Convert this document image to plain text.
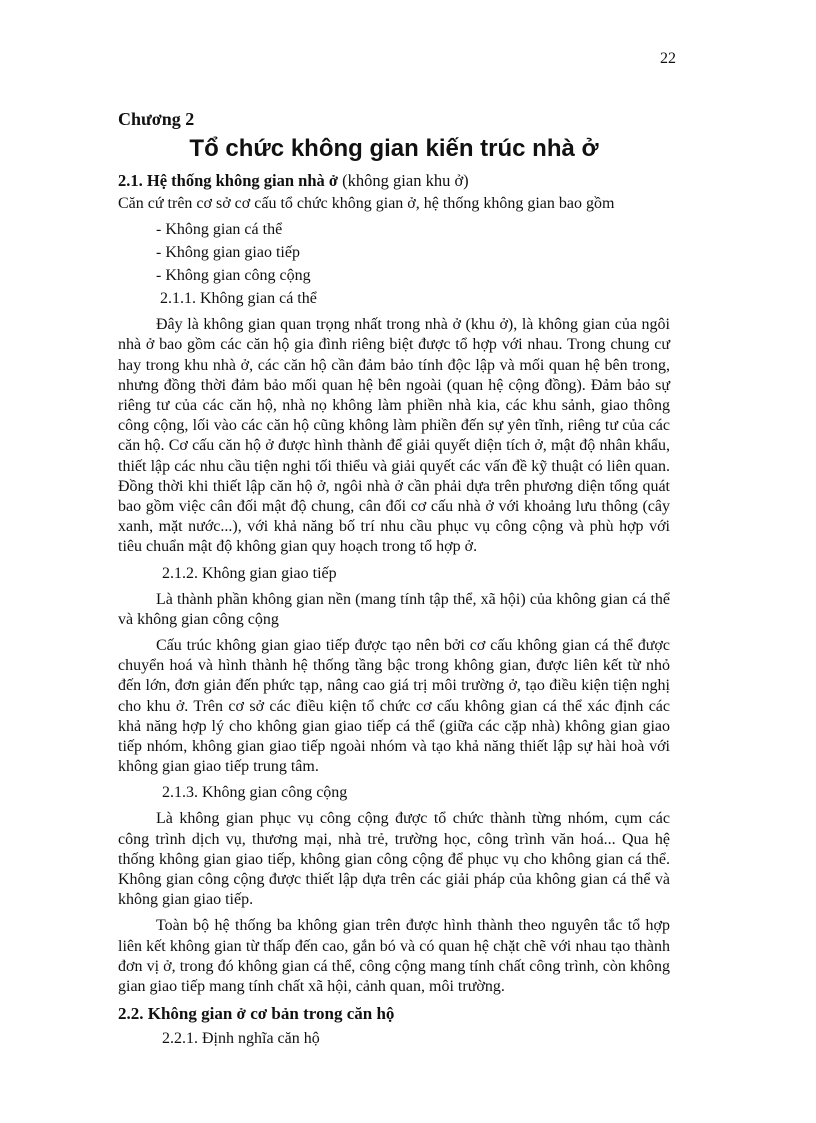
22

Chương 2

Tổ chức không gian kiến trúc nhà ở

2.1. Hệ thống không gian nhà ở (không gian khu ở)

Căn cứ trên cơ sở cơ cấu tổ chức không gian ở, hệ thống không gian bao gồm

- Không gian cá thể
- Không gian giao tiếp
- Không gian công cộng

2.1.1. Không gian cá thể

Đây là không gian quan trọng nhất trong nhà ở (khu ở), là không gian của ngôi nhà ở bao gồm các căn hộ gia đình riêng biệt được tổ hợp với nhau. Trong chung cư hay trong khu nhà ở, các căn hộ cần đảm bảo tính độc lập và mối quan hệ bên trong, nhưng đồng thời đảm bảo mối quan hệ bên ngoài (quan hệ cộng đồng). Đảm bảo sự riêng tư của các căn hộ, nhà nọ không làm phiền nhà kia, các khu sảnh, giao thông công cộng, lối vào các căn hộ cũng không làm phiền đến sự yên tĩnh, riêng tư của các căn hộ. Cơ cấu căn hộ ở được hình thành để giải quyết diện tích ở, mật độ nhân khẩu, thiết lập các nhu cầu tiện nghi tối thiểu và giải quyết các vấn đề kỹ thuật có liên quan. Đồng thời khi thiết lập căn hộ ở, ngôi nhà ở cần phải dựa trên phương diện tổng quát bao gồm việc cân đối mật độ chung, cân đối cơ cấu nhà ở với khoảng lưu thông (cây xanh, mặt nước...), với khả năng bố trí nhu cầu phục vụ công cộng và phù hợp với tiêu chuẩn mật độ không gian quy hoạch trong tổ hợp ở.

2.1.2. Không gian giao tiếp

Là thành phần không gian nền (mang tính tập thể, xã hội) của không gian cá thể và không gian công cộng

Cấu trúc không gian giao tiếp được tạo nên bởi cơ cấu không gian cá thể được chuyển hoá và hình thành hệ thống tầng bậc trong không gian, được liên kết từ nhỏ đến lớn, đơn giản đến phức tạp, nâng cao giá trị môi trường ở, tạo điều kiện tiện nghị cho khu ở. Trên cơ sở các điều kiện tổ chức cơ cấu không gian cá thể xác định các khả năng hợp lý cho không gian giao tiếp cá thể (giữa các cặp nhà) không gian giao tiếp nhóm, không gian giao tiếp ngoài nhóm và tạo khả năng thiết lập sự hài hoà với không gian giao tiếp trung tâm.

2.1.3. Không gian công cộng

Là không gian phục vụ công cộng được tổ chức thành từng nhóm, cụm các công trình dịch vụ, thương mại, nhà trẻ, trường học, công trình văn hoá... Qua hệ thống không gian giao tiếp, không gian công cộng để phục vụ cho không gian cá thể. Không gian công cộng được thiết lập dựa trên các giải pháp của không gian cá thể và không gian giao tiếp.

Toàn bộ hệ thống ba không gian trên được hình thành theo nguyên tắc tổ hợp liên kết không gian từ thấp đến cao, gắn bó và có quan hệ chặt chẽ với nhau tạo thành đơn vị ở, trong đó không gian cá thể, công cộng mang tính chất công trình, còn không gian giao tiếp mang tính chất xã hội, cảnh quan, môi trường.

2.2. Không gian ở cơ bản trong căn hộ

2.2.1. Định nghĩa căn hộ
